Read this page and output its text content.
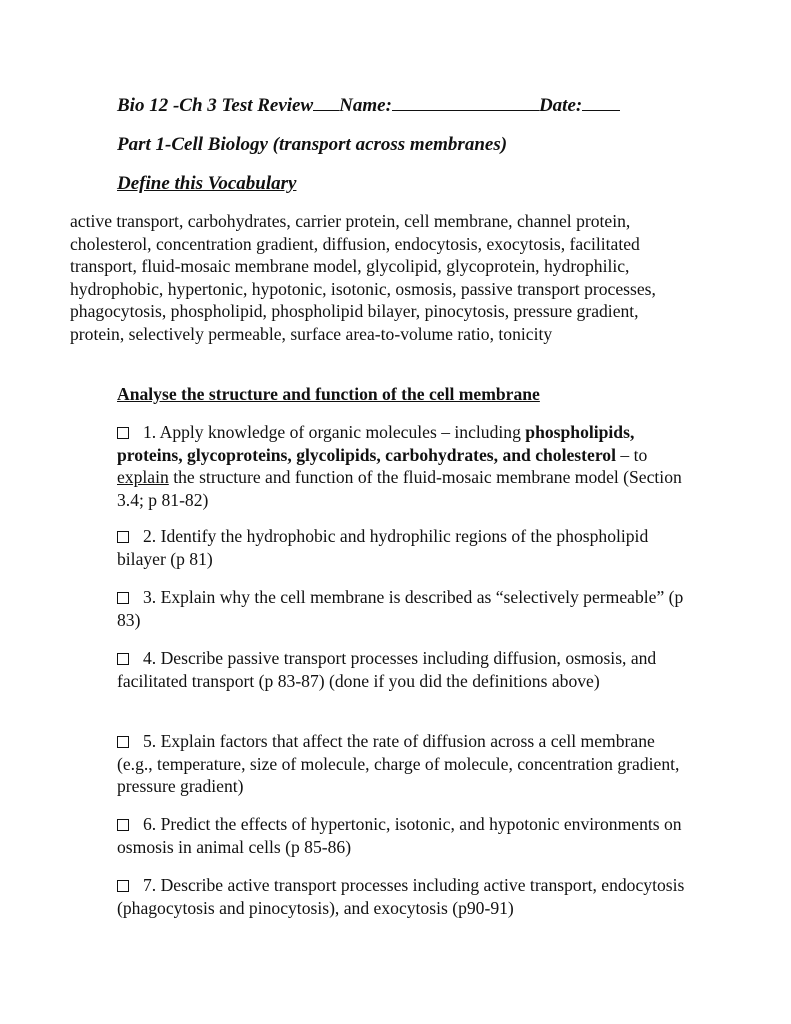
Bio 12 -Ch 3 Test Review Name:	Date:
Part 1-Cell Biology (transport across membranes)
Define this Vocabulary
active transport, carbohydrates, carrier protein, cell membrane, channel protein, cholesterol, concentration gradient, diffusion, endocytosis, exocytosis, facilitated transport, fluid-mosaic membrane model, glycolipid, glycoprotein, hydrophilic, hydrophobic, hypertonic, hypotonic, isotonic, osmosis, passive transport processes, phagocytosis, phospholipid, phospholipid bilayer, pinocytosis, pressure gradient, protein, selectively permeable, surface area-to-volume ratio, tonicity
Analyse the structure and function of the cell membrane
1. Apply knowledge of organic molecules – including phospholipids, proteins, glycoproteins, glycolipids, carbohydrates, and cholesterol – to explain the structure and function of the fluid-mosaic membrane model (Section 3.4; p 81-82)
2. Identify the hydrophobic and hydrophilic regions of the phospholipid bilayer (p 81)
3. Explain why the cell membrane is described as “selectively permeable” (p 83)
4. Describe passive transport processes including diffusion, osmosis, and facilitated transport (p 83-87) (done if you did the definitions above)
5. Explain factors that affect the rate of diffusion across a cell membrane (e.g., temperature, size of molecule, charge of molecule, concentration gradient, pressure gradient)
6. Predict the effects of hypertonic, isotonic, and hypotonic environments on osmosis in animal cells (p 85-86)
7. Describe active transport processes including active transport, endocytosis (phagocytosis and pinocytosis), and exocytosis (p90-91)
